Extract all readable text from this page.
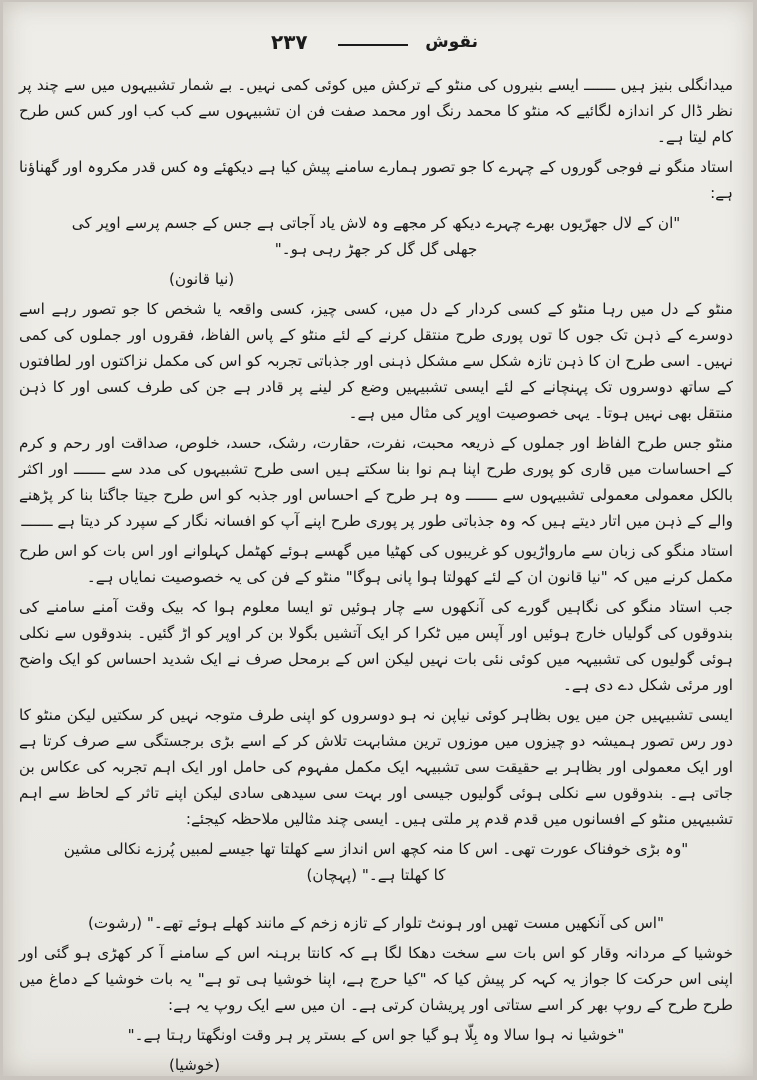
نقوش
۲۳۷

میدانگلی بنیز ہیں ـــــــ ایسے بنیروں کی منٹو کے ترکش میں کوئی کمی نہیں۔ بے شمار تشبیہوں میں سے چند پر نظر ڈال کر اندازہ لگائیے کہ منٹو کا محمد رنگ اور محمد صفت فن ان تشبیہوں سے کب کب اور کس کس طرح کام لیتا ہے۔

استاد منگو نے فوجی گوروں کے چہرے کا جو تصور ہمارے سامنے پیش کیا ہے دیکھئے وہ کس قدر مکروہ اور گھناؤنا ہے:

"ان کے لال جھرّیوں بھرے چہرے دیکھ کر مجھے وہ لاش یاد آجاتی ہے جس کے جسم پرسے اوپر کی جھلی گل گل کر جھڑ رہی ہو۔"

(نیا قانون)

منٹو کے دل میں رہا منٹو کے کسی کردار کے دل میں، کسی چیز، کسی واقعہ یا شخص کا جو تصور رہے اسے دوسرے کے ذہن تک جوں کا توں پوری طرح منتقل کرنے کے لئے منٹو کے پاس الفاظ، فقروں اور جملوں کی کمی نہیں۔ اسی طرح ان کا ذہن تازہ شکل سے مشکل ذہنی اور جذباتی تجربہ کو اس کی مکمل نزاکتوں اور لطافتوں کے ساتھ دوسروں تک پہنچانے کے لئے ایسی تشبیہیں وضع کر لینے پر قادر ہے جن کی طرف کسی اور کا ذہن منتقل بھی نہیں ہوتا۔ یہی خصوصیت اوپر کی مثال میں ہے۔

منٹو جس طرح الفاظ اور جملوں کے ذریعہ محبت، نفرت، حقارت، رشک، حسد، خلوص، صداقت اور رحم و کرم کے احساسات میں قاری کو پوری طرح اپنا ہم نوا بنا سکتے ہیں اسی طرح تشبیہوں کی مدد سے ـــــــ اور اکثر بالکل معمولی معمولی تشبیہوں سے ـــــــ وہ ہر طرح کے احساس اور جذبہ کو اس طرح جیتا جاگتا بنا کر پڑھنے والے کے ذہن میں اتار دیتے ہیں کہ وہ جذباتی طور پر پوری طرح اپنے آپ کو افسانہ نگار کے سپرد کر دیتا ہے ـــــــ

استاد منگو کی زبان سے مارواڑیوں کو غریبوں کی کھٹیا میں گھسے ہوئے کھٹمل کہلوانے اور اس بات کو اس طرح مکمل کرنے میں کہ "نیا قانون ان کے لئے کھولتا ہوا پانی ہوگا" منٹو کے فن کی یہ خصوصیت نمایاں ہے۔

جب استاد منگو کی نگاہیں گورے کی آنکھوں سے چار ہوئیں تو ایسا معلوم ہوا کہ بیک وقت آمنے سامنے کی بندوقوں کی گولیاں خارج ہوئیں اور آپس میں ٹکرا کر ایک آتشیں بگولا بن کر اوپر کو اڑ گئیں۔ بندوقوں سے نکلی ہوئی گولیوں کی تشبیہہ میں کوئی نئی بات نہیں لیکن اس کے برمحل صرف نے ایک شدید احساس کو ایک واضح اور مرئی شکل دے دی ہے۔

ایسی تشبیہیں جن میں یوں بظاہر کوئی نیاپن نہ ہو دوسروں کو اپنی طرف متوجہ نہیں کر سکتیں لیکن منٹو کا دور رس تصور ہمیشہ دو چیزوں میں موزوں ترین مشابہت تلاش کر کے اسے بڑی برجستگی سے صرف کرتا ہے اور ایک معمولی اور بظاہر بے حقیقت سی تشبیہہ ایک مکمل مفہوم کی حامل اور ایک اہم تجربہ کی عکاس بن جاتی ہے۔ بندوقوں سے نکلی ہوئی گولیوں جیسی اور بہت سی سیدھی سادی لیکن اپنے تاثر کے لحاظ سے اہم تشبیہیں منٹو کے افسانوں میں قدم قدم پر ملتی ہیں۔ ایسی چند مثالیں ملاحظہ کیجئے:

"وہ بڑی خوفناک عورت تھی۔ اس کا منہ کچھ اس انداز سے کھلتا تھا جیسے لمبیں پُرزے نکالی مشین کا کھلتا ہے۔" (پہچان)

"اس کی آنکھیں مست تھیں اور ہونٹ تلوار کے تازہ زخم کے مانند کھلے ہوئے تھے۔" (رشوت)

خوشیا کے مردانہ وقار کو اس بات سے سخت دھکا لگا ہے کہ کانتا برہنہ اس کے سامنے آ کر کھڑی ہو گئی اور اپنی اس حرکت کا جواز یہ کہہ کر پیش کیا کہ "کیا حرج ہے، اپنا خوشیا ہی تو ہے" یہ بات خوشیا کے دماغ میں طرح طرح کے روپ بھر کر اسے ستاتی اور پریشان کرتی ہے۔ ان میں سے ایک روپ یہ ہے:

"خوشیا نہ ہوا سالا وہ بِلّا ہو گیا جو اس کے بستر پر ہر وقت اونگھتا رہتا ہے۔"

(خوشیا)
